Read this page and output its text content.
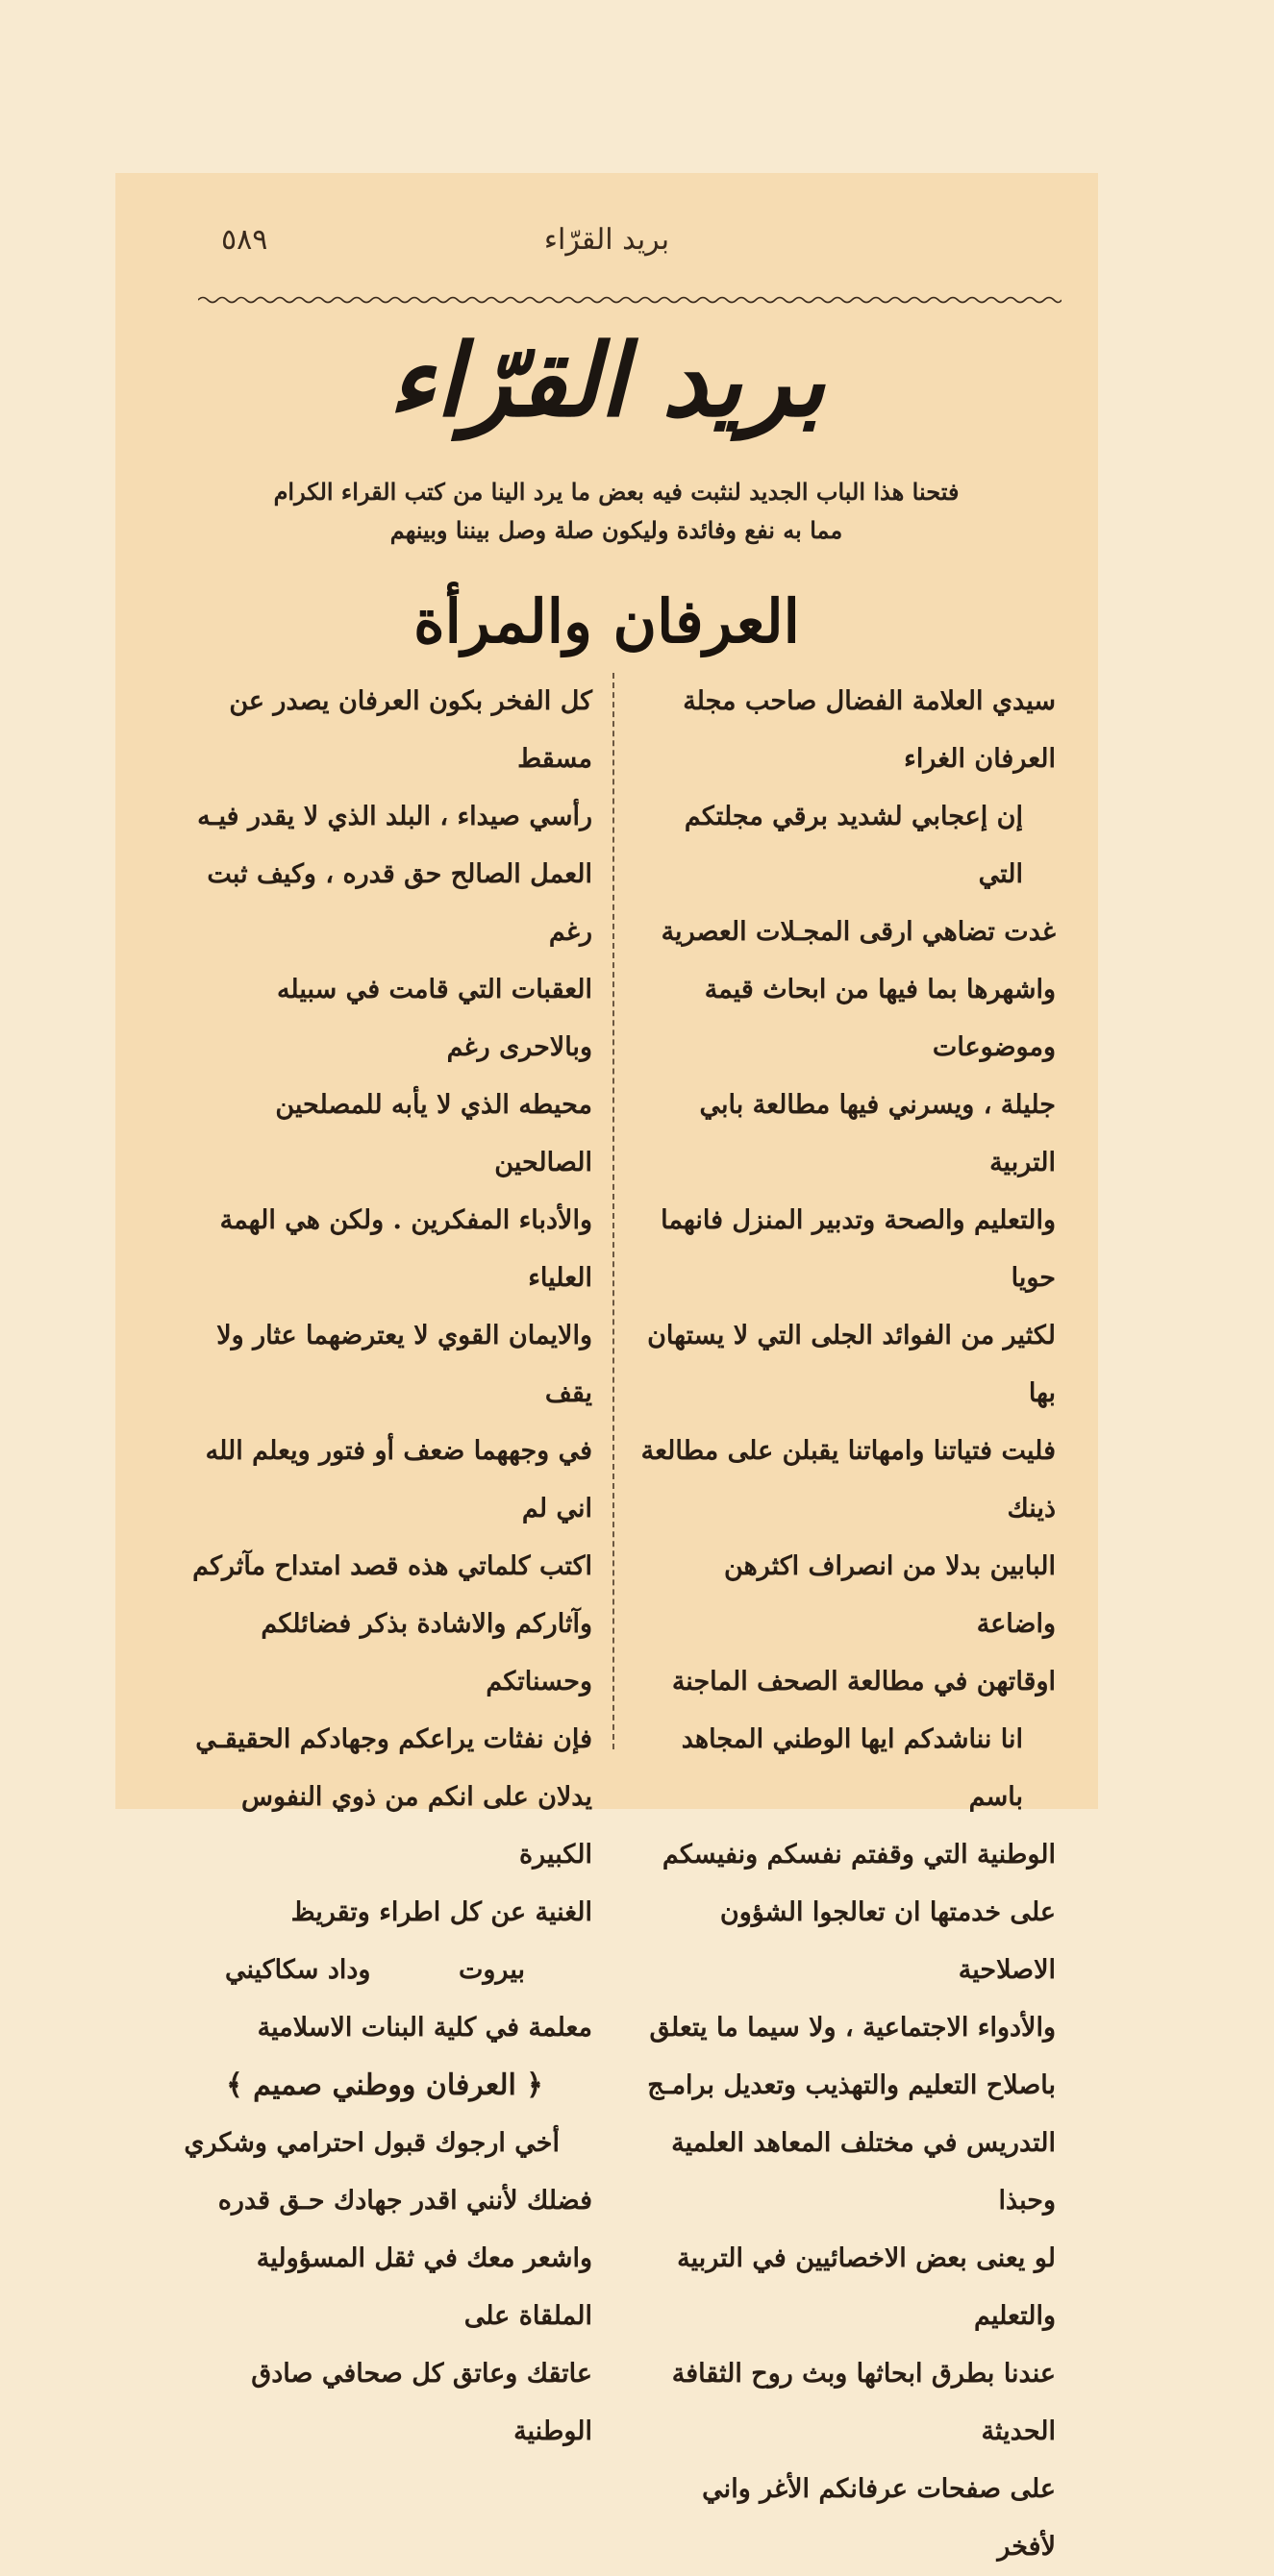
بريد القرّاء
٥٨٩
بريد القرّاء
فتحنا هذا الباب الجديد لنثبت فيه بعض ما يرد الينا من كتب القراء الكرام
مما به نفع وفائدة وليكون صلة وصل بيننا وبينهم
العرفان والمرأة

سيدي العلامة الفضال صاحب مجلة

العرفان الغراء

إن إعجابي لشديد برقي مجلتكم التي

غدت تضاهي ارقى المجـلات العصرية

واشهرها بما فيها من ابحاث قيمة وموضوعات

جليلة ، ويسرني فيها مطالعة بابي التربية

والتعليم والصحة وتدبير المنزل فانهما حويا

لكثير من الفوائد الجلى التي لا يستهان بها

فليت فتياتنا وامهاتنا يقبلن على مطالعة ذينك

البابين بدلا من انصراف اكثرهن واضاعة

اوقاتهن في مطالعة الصحف الماجنة

انا نناشدكم ايها الوطني المجاهد باسم

الوطنية التي وقفتم نفسكم ونفيسكم

على خدمتها ان تعالجوا الشؤون الاصلاحية

والأدواء الاجتماعية ، ولا سيما ما يتعلق

باصلاح التعليم والتهذيب وتعديل برامـج

التدريس في مختلف المعاهد العلمية وحبذا

لو يعنى بعض الاخصائيين في التربية والتعليم

عندنا بطرق ابحاثها وبث روح الثقافة الحديثة

على صفحات عرفانكم الأغر واني لأفخر

كل الفخر بكون العرفان يصدر عن مسقط

رأسي صيداء ، البلد الذي لا يقدر فيـه

العمل الصالح حق قدره ، وكيف ثبت رغم

العقبات التي قامت في سبيله وبالاحرى رغم

محيطه الذي لا يأبه للمصلحين الصالحين

والأدباء المفكرين . ولكن هي الهمة العلياء

والايمان القوي لا يعترضهما عثار ولا يقف

في وجههما ضعف أو فتور ويعلم الله اني لم

اكتب كلماتي هذه قصد امتداح مآثركم

وآثاركم والاشادة بذكر فضائلكم وحسناتكم

فإن نفثات يراعكم وجهادكم الحقيقـي

يدلان على انكم من ذوي النفوس الكبيرة

الغنية عن كل اطراء وتقريظ

بيروت
وداد سكاكيني

معلمة في كلية البنات الاسلامية

﴿ العرفان ووطني صميم ﴾

أخي ارجوك قبول احترامي وشكري

فضلك لأنني اقدر جهادك حـق قدره

واشعر معك في ثقل المسؤولية الملقاة على

عاتقك وعاتق كل صحافي صادق الوطنية
